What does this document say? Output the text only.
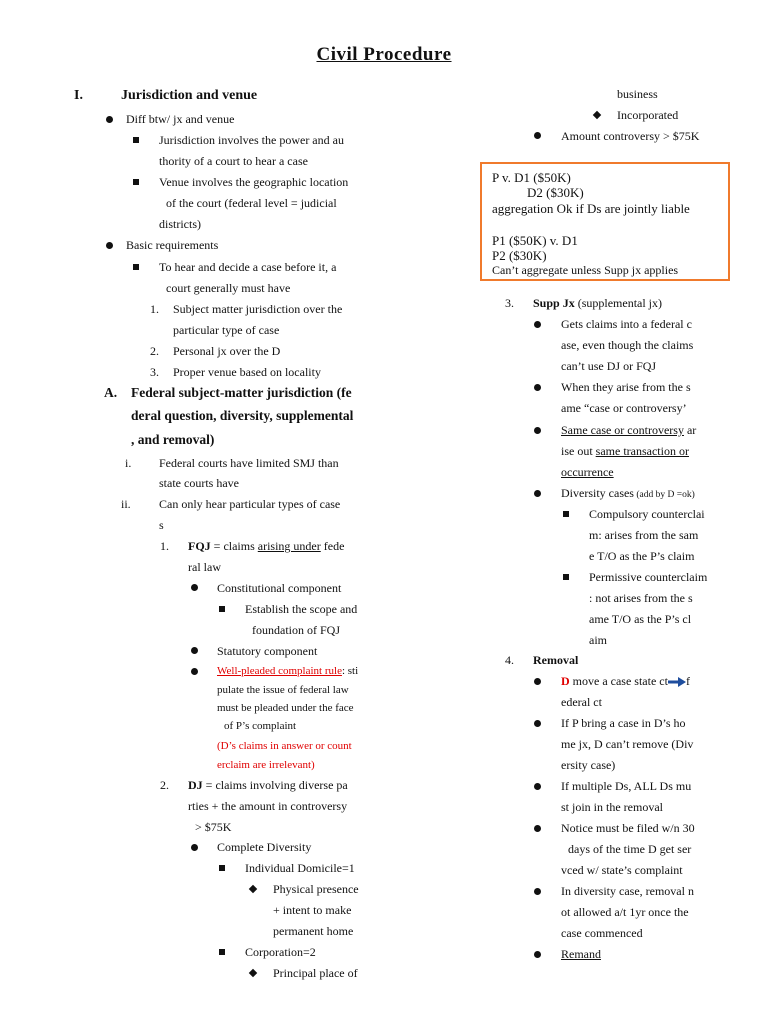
Civil Procedure
I.	Jurisdiction and venue
Diff btw/ jx and venue
Jurisdiction involves the power and au
thority of a court to hear a case
Venue involves the geographic location
of the court (federal level = judicial
districts)
Basic requirements
To hear and decide a case before it, a
court generally must have
1. Subject matter jurisdiction over the
particular type of case
2. Personal jx over the D
3. Proper venue based on locality
A. Federal subject-matter jurisdiction (fe
deral question, diversity, supplemental
, and removal)
i. Federal courts have limited SMJ than
state courts have
ii. Can only hear particular types of case
s
1. FQJ = claims arising under fede
ral law
Constitutional component
Establish the scope and
foundation of FQJ
Statutory component
Well-pleaded complaint rule: sti
pulate the issue of federal law
must be pleaded under the face
of P’s complaint
(D’s claims in answer or count
erclaim are irrelevant)
2. DJ = claims involving diverse pa
rties + the amount in controversy
> $75K
Complete Diversity
Individual Domicile=1
Physical presence
+ intent to make
permanent home
Corporation=2
Principal place of
business
Incorporated
Amount controversy > $75K
P v. D1 ($50K)
D2 ($30K)
aggregation Ok if Ds are jointly liable
P1 ($50K) v. D1
P2 ($30K)
Can’t aggregate unless Supp jx applies
3. Supp Jx (supplemental jx)
Gets claims into a federal c
ase, even though the claims
can’t use DJ or FQJ
When they arise from the s
ame “case or controversy’
Same case or controversy ar
ise out same transaction or
occurrence
Diversity cases (add by D =ok)
Compulsory counterclai
m: arises from the sam
e T/O as the P’s claim
Permissive counterclaim
: not arises from the s
ame T/O as the P’s cl
aim
4. Removal
D move a case state ct f
ederal ct
If P bring a case in D’s ho
me jx, D can’t remove (Div
ersity case)
If multiple Ds, ALL Ds mu
st join in the removal
Notice must be filed w/n 30
days of the time D get ser
vced w/ state’s complaint
In diversity case, removal n
ot allowed a/t 1yr once the
case commenced
Remand
